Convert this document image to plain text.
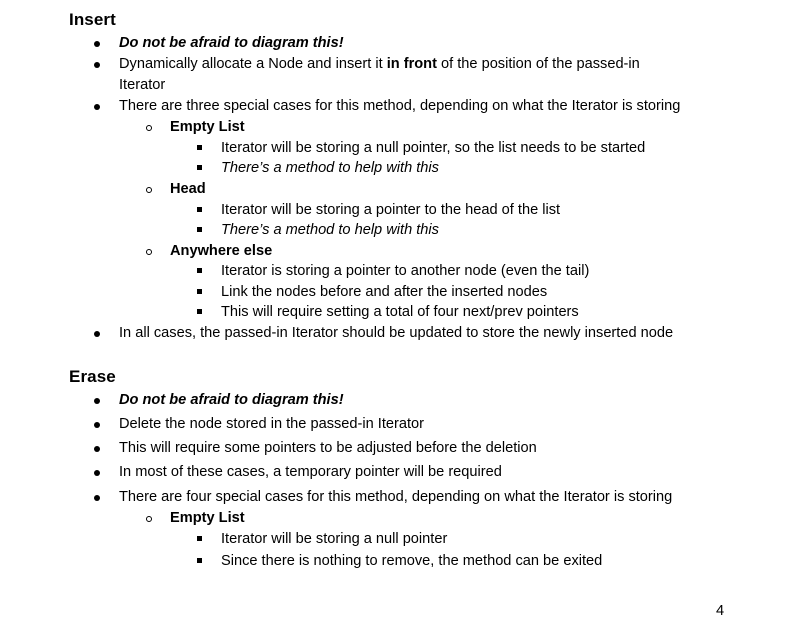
Insert
Do not be afraid to diagram this!
Dynamically allocate a Node and insert it in front of the position of the passed-in
Iterator
There are three special cases for this method, depending on what the Iterator is storing
Empty List
Iterator will be storing a null pointer, so the list needs to be started
There’s a method to help with this
Head
Iterator will be storing a pointer to the head of the list
There’s a method to help with this
Anywhere else
Iterator is storing a pointer to another node (even the tail)
Link the nodes before and after the inserted nodes
This will require setting a total of four next/prev pointers
In all cases, the passed-in Iterator should be updated to store the newly inserted node
Erase
Do not be afraid to diagram this!
Delete the node stored in the passed-in Iterator
This will require some pointers to be adjusted before the deletion
In most of these cases, a temporary pointer will be required
There are four special cases for this method, depending on what the Iterator is storing
Empty List
Iterator will be storing a null pointer
Since there is nothing to remove, the method can be exited
4
